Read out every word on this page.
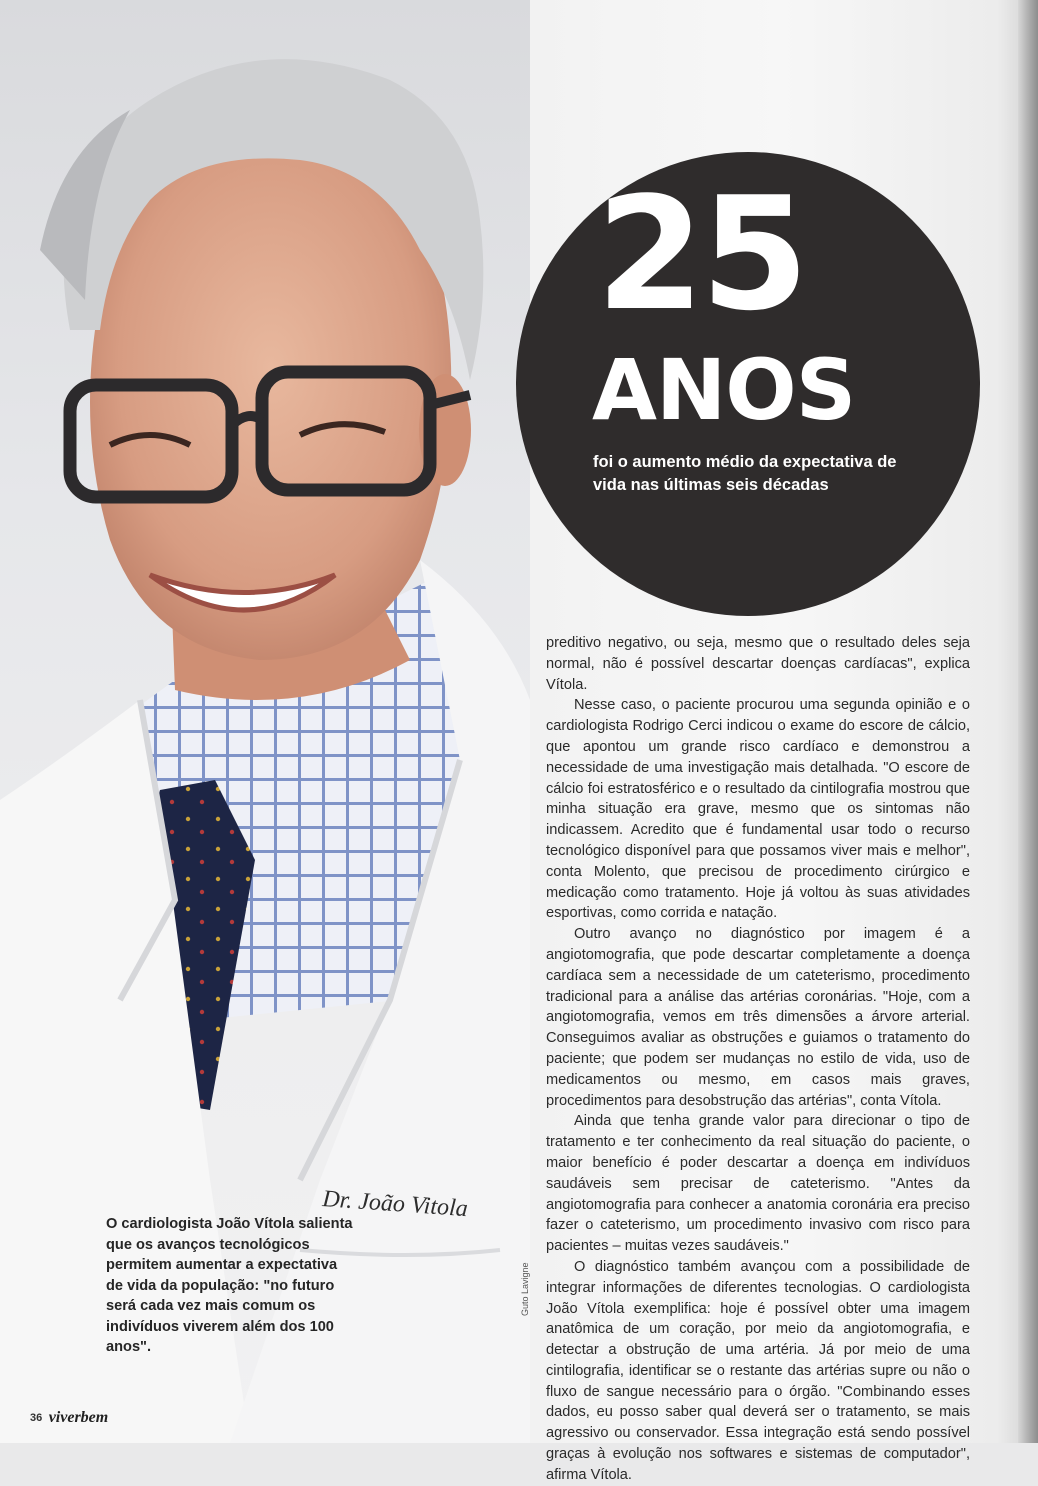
Dr. João Vitola
25
ANOS
foi o aumento médio da expectativa de vida nas últimas seis décadas

preditivo negativo, ou seja, mesmo que o resultado deles seja normal, não é possível descartar doenças cardíacas", explica Vítola.

Nesse caso, o paciente procurou uma segunda opinião e o cardiologista Rodrigo Cerci indicou o exame do escore de cálcio, que apontou um grande risco cardíaco e demonstrou a necessidade de uma investigação mais detalhada. "O escore de cálcio foi estratosférico e o resultado da cintilografia mostrou que minha situação era grave, mesmo que os sintomas não indicassem. Acredito que é fundamental usar todo o recurso tecnológico disponível para que possamos viver mais e melhor", conta Molento, que precisou de procedimento cirúrgico e medicação como tratamento. Hoje já voltou às suas atividades esportivas, como corrida e natação.

Outro avanço no diagnóstico por imagem é a angiotomografia, que pode descartar completamente a doença cardíaca sem a necessidade de um cateterismo, procedimento tradicional para a análise das artérias coronárias. "Hoje, com a angiotomografia, vemos em três dimensões a árvore arterial. Conseguimos avaliar as obstruções e guiamos o tratamento do paciente; que podem ser mudanças no estilo de vida, uso de medicamentos ou mesmo, em casos mais graves, procedimentos para desobstrução das artérias", conta Vítola.

Ainda que tenha grande valor para direcionar o tipo de tratamento e ter conhecimento da real situação do paciente, o maior benefício é poder descartar a doença em indivíduos saudáveis sem precisar de cateterismo. "Antes da angiotomografia para conhecer a anatomia coronária era preciso fazer o cateterismo, um procedimento invasivo com risco para pacientes – muitas vezes saudáveis."

O diagnóstico também avançou com a possibilidade de integrar informações de diferentes tecnologias. O cardiologista João Vítola exemplifica: hoje é possível obter uma imagem anatômica de um coração, por meio da angiotomografia, e detectar a obstrução de uma artéria. Já por meio de uma cintilografia, identificar se o restante das artérias supre ou não o fluxo de sangue necessário para o órgão. "Combinando esses dados, eu posso saber qual deverá ser o tratamento, se mais agressivo ou conservador. Essa integração está sendo possível graças à evolução nos softwares e sistemas de computador", afirma Vítola.

O cardiologista João Vítola salienta que os avanços tecnológicos permitem aumentar a expectativa de vida da população: "no futuro será cada vez mais comum os indivíduos viverem além dos 100 anos".
Guto Lavigne
36 viverbem
